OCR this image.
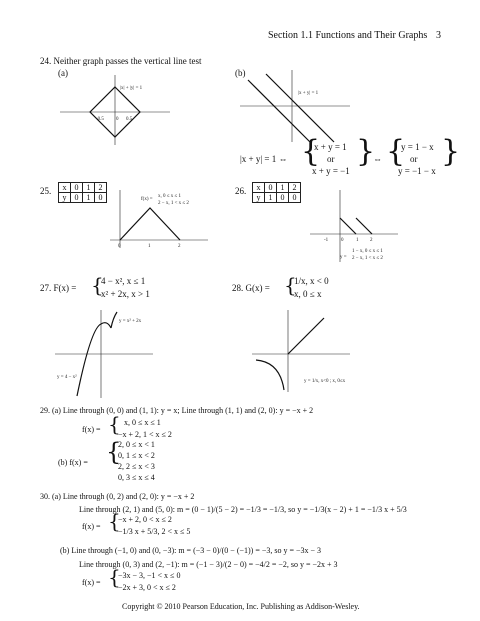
Section 1.1 Functions and Their Graphs 3
24. Neither graph passes the vertical line test
(a)	(b)
|x| + |y| = 1
-0.5 0 0.5
|x + y| = 1
|x + y| = 1 ⇔ {
x + y = 1
or
x + y = −1
}
⇔ {
y = 1 − x
or
y = −1 − x
}
25. x	0	1	2
y	0	1	0
0	1	2
f(x) =
x, 0 ≤ x ≤ 1
2 − x, 1 < x ≤ 2
26. x	0	1	2
y	1	0	0
-1	0	1 2
y =
1 − x, 0 ≤ x ≤ 1
2 − x, 1 < x ≤ 2
27. F(x) = {
4 − x², x ≤ 1
x² + 2x, x > 1
y = x² + 2x
y = 4 − x²
28. G(x) = {
1/x, x < 0
x, 0 ≤ x
y = 1/x, x<0 ; x, 0≤x
29. (a) Line through (0, 0) and (1, 1): y = x; Line through (1, 1) and (2, 0): y = −x + 2
f(x) = { x, 0 ≤ x ≤ 1
−x + 2, 1 < x ≤ 2
(b) f(x) = {
2, 0 ≤ x < 1
0, 1 ≤ x < 2
2, 2 ≤ x < 3
0, 3 ≤ x ≤ 4
30. (a) Line through (0, 2) and (2, 0): y = −x + 2
Line through (2, 1) and (5, 0): m = (0 − 1)/(5 − 2) = −1/3 = −1/3, so y = −1/3(x − 2) + 1 = −1/3 x + 5/3
f(x) = {
−x + 2, 0 < x ≤ 2
−1/3 x + 5/3, 2 < x ≤ 5
(b) Line through (−1, 0) and (0, −3): m = (−3 − 0)/(0 − (−1)) = −3, so y = −3x − 3
Line through (0, 3) and (2, −1): m = (−1 − 3)/(2 − 0) = −4/2 = −2, so y = −2x + 3
f(x) = {
−3x − 3, −1 < x ≤ 0
−2x + 3, 0 < x ≤ 2
Copyright © 2010 Pearson Education, Inc. Publishing as Addison-Wesley.
